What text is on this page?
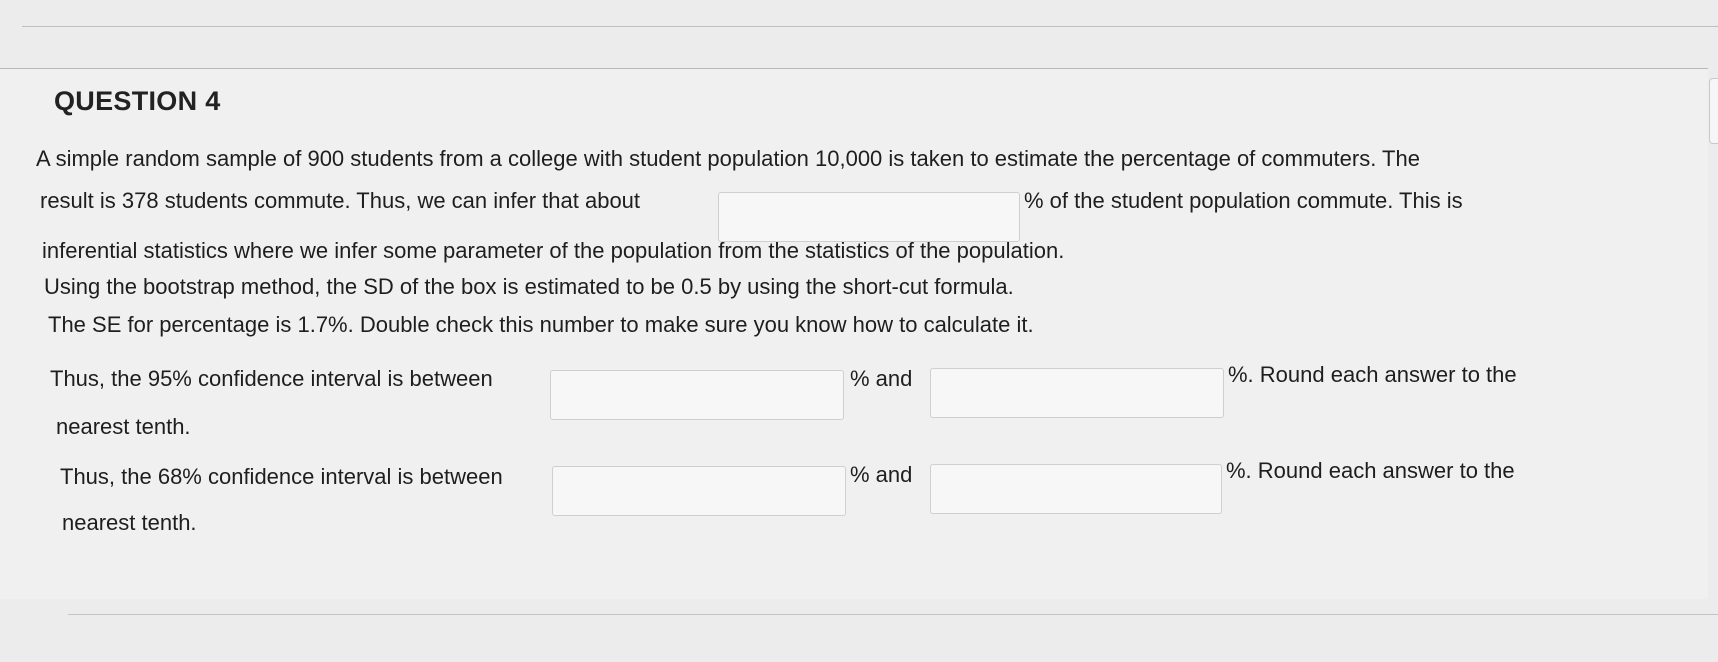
QUESTION 4
A simple random sample of 900 students from a college with student population 10,000 is taken to estimate the percentage of commuters. The
result is 378 students commute. Thus, we can infer that about	% of the student population commute. This is
inferential statistics where we infer some parameter of the population from the statistics of the population.
Using the bootstrap method, the SD of the box is estimated to be 0.5 by using the short-cut formula.
The SE for percentage is 1.7%. Double check this number to make sure you know how to calculate it.
Thus, the 95% confidence interval is between	% and	%. Round each answer to the
nearest tenth.
Thus, the 68% confidence interval is between	% and	%. Round each answer to the
nearest tenth.
